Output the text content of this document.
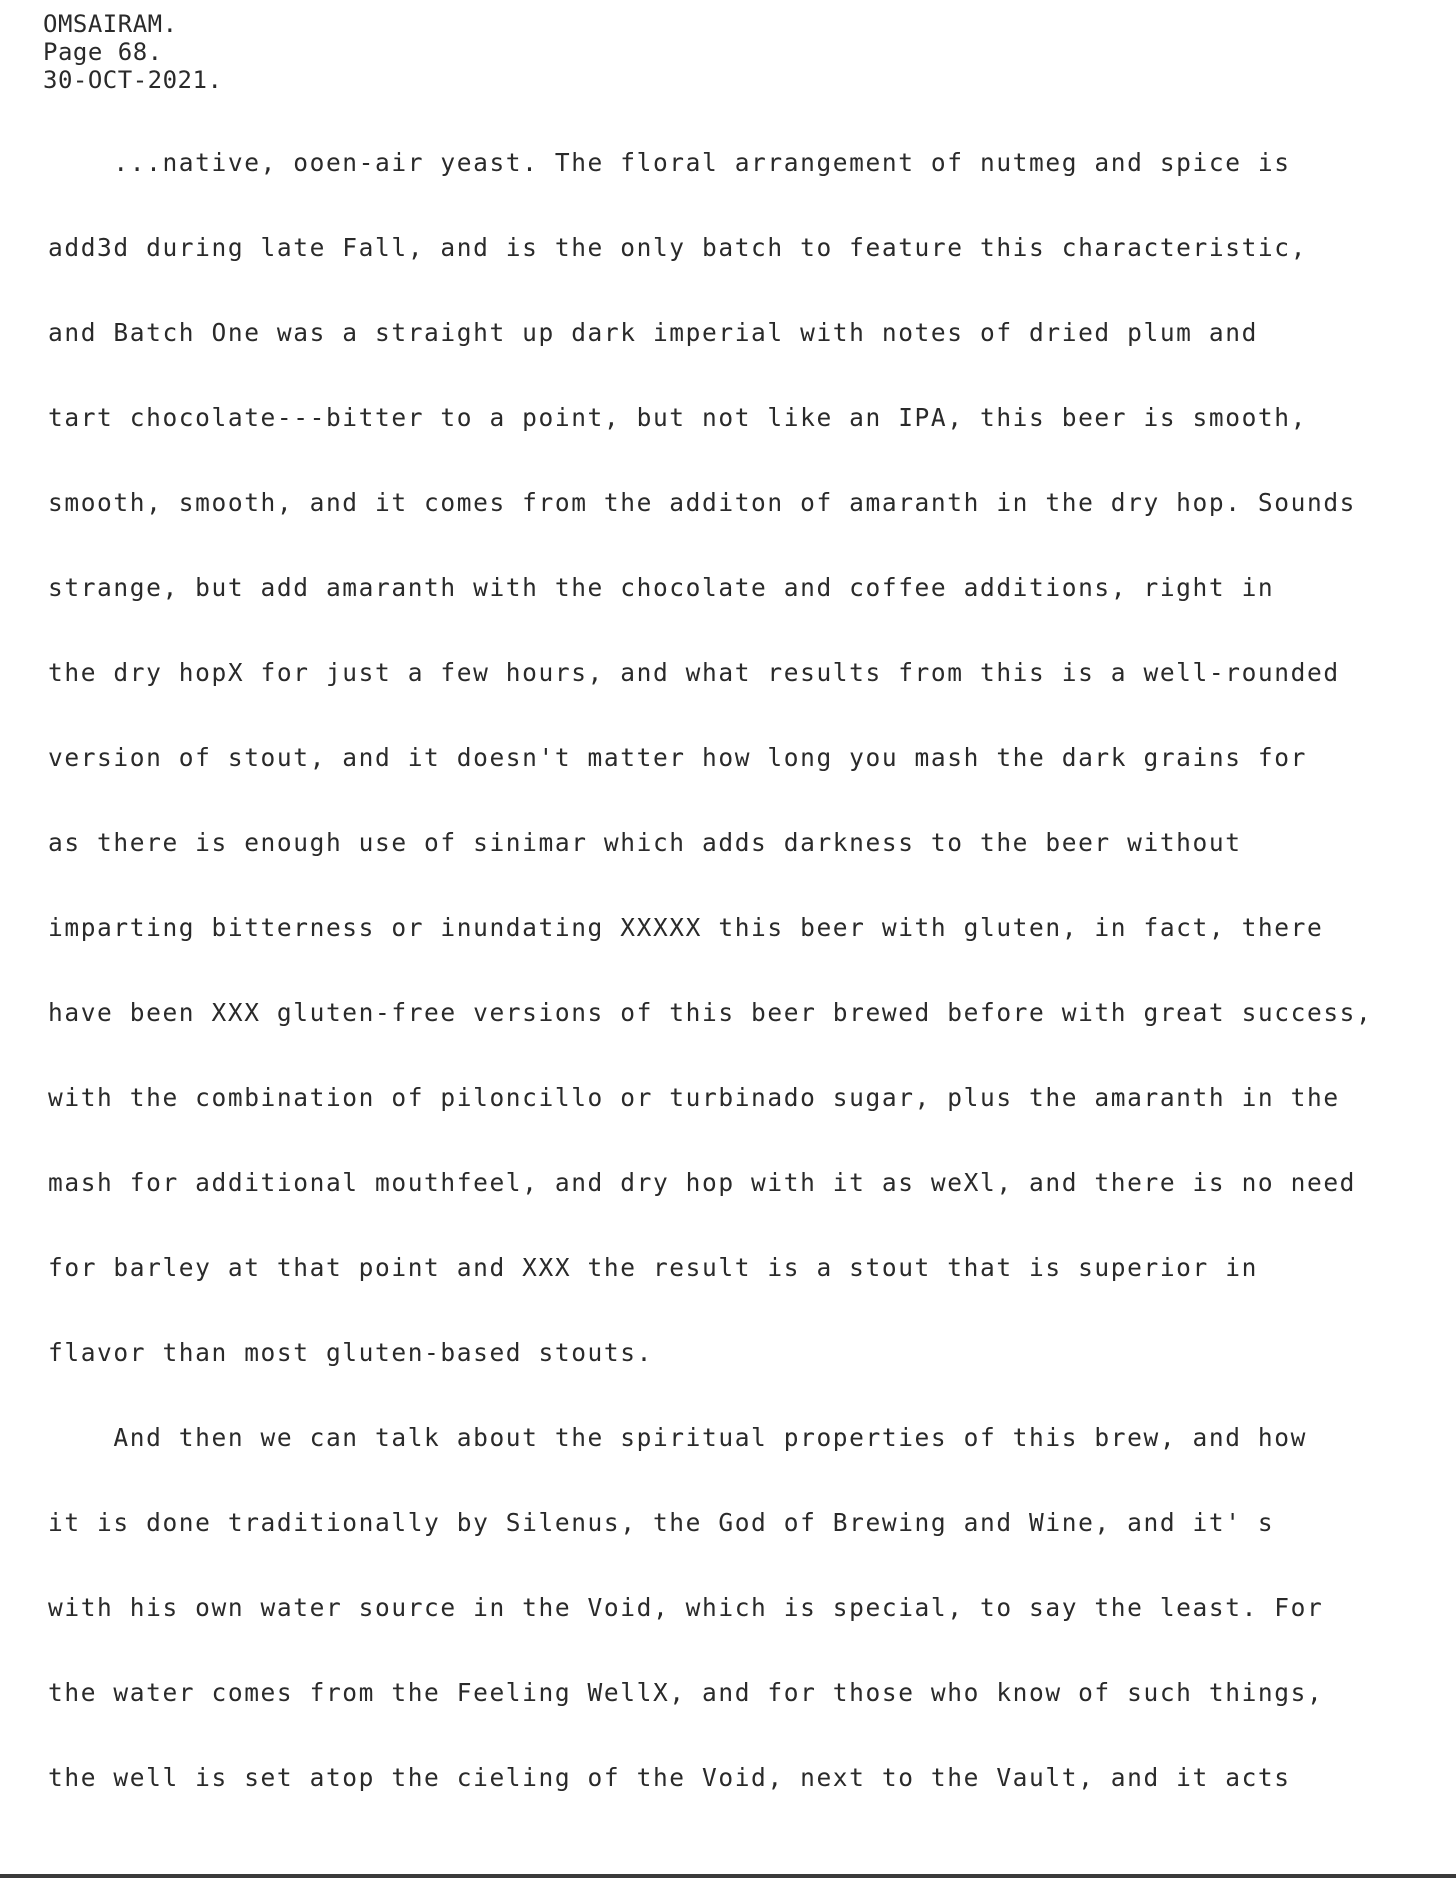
OMSAIRAM.
Page 68.
30-OCT-2021.
...native, ooen-air yeast. The floral arrangement of nutmeg and spice is
add3d during late Fall, and is the only batch to feature this characteristic,
and Batch One was a straight up dark imperial with notes of dried plum and
tart chocolate---bitter to a point, but not like an IPA, this beer is smooth,
smooth, smooth, and it comes from the additon of amaranth in the dry hop. Sounds
strange, but add amaranth with the chocolate and coffee additions, right in
the dry hopX for just a few hours, and what results from this is a well-rounded
version of stout, and it doesn't matter how long you mash the dark grains for
as there is enough use of sinimar which adds darkness to the beer without
imparting bitterness or inundating XXXXX this beer with gluten, in fact, there
have been XXX gluten-free versions of this beer brewed before with great success,
with the combination of piloncillo or turbinado sugar, plus the amaranth in the
mash for additional mouthfeel, and dry hop with it as weXl, and there is no need
for barley at that point and XXX the result is a stout that is superior in
flavor than most gluten-based stouts.
And then we can talk about the spiritual properties of this brew, and how
it is done traditionally by Silenus, the God of Brewing and Wine, and it' s
with his own water source in the Void, which is special, to say the least. For
the water comes from the Feeling WellX, and for those who know of such things,
the well is set atop the cieling of the Void, next to the Vault, and it acts
